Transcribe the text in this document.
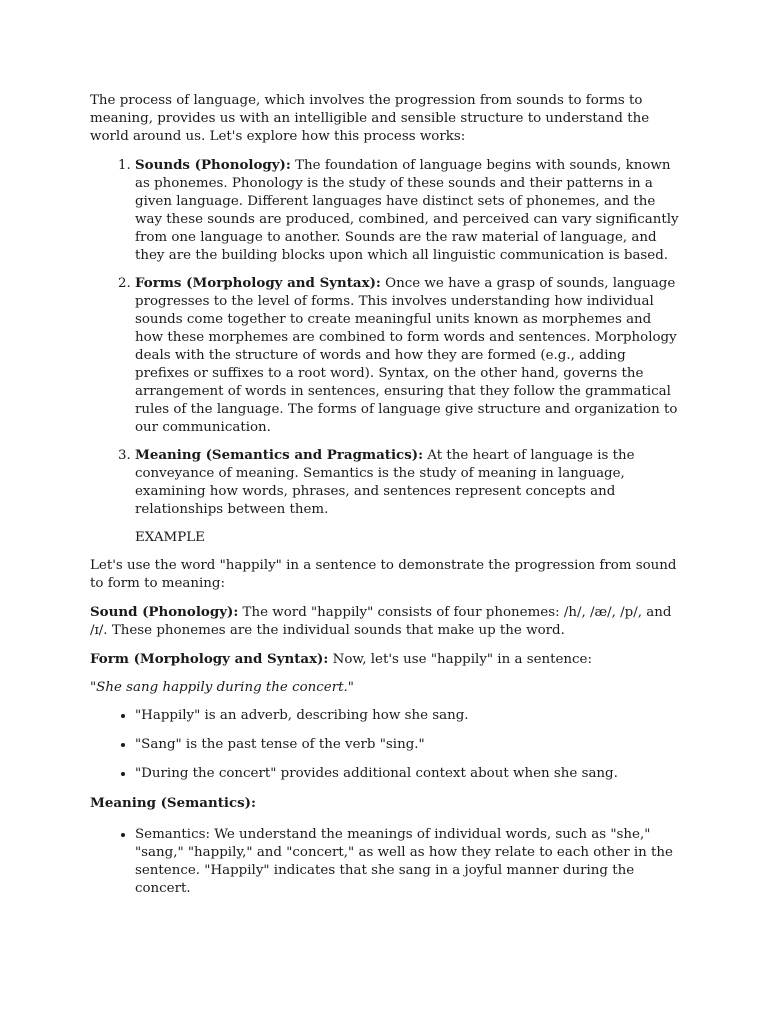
The process of language, which involves the progression from sounds to forms to meaning, provides us with an intelligible and sensible structure to understand the world around us. Let's explore how this process works:

1. Sounds (Phonology): The foundation of language begins with sounds, known as phonemes. Phonology is the study of these sounds and their patterns in a given language. Different languages have distinct sets of phonemes, and the way these sounds are produced, combined, and perceived can vary significantly from one language to another. Sounds are the raw material of language, and they are the building blocks upon which all linguistic communication is based.
2. Forms (Morphology and Syntax): Once we have a grasp of sounds, language progresses to the level of forms. This involves understanding how individual sounds come together to create meaningful units known as morphemes and how these morphemes are combined to form words and sentences. Morphology deals with the structure of words and how they are formed (e.g., adding prefixes or suffixes to a root word). Syntax, on the other hand, governs the arrangement of words in sentences, ensuring that they follow the grammatical rules of the language. The forms of language give structure and organization to our communication.
3. Meaning (Semantics and Pragmatics): At the heart of language is the conveyance of meaning. Semantics is the study of meaning in language, examining how words, phrases, and sentences represent concepts and relationships between them.

EXAMPLE

Let's use the word "happily" in a sentence to demonstrate the progression from sound to form to meaning:

Sound (Phonology): The word "happily" consists of four phonemes: /h/, /æ/, /p/, and /ɪ/. These phonemes are the individual sounds that make up the word.

Form (Morphology and Syntax): Now, let's use "happily" in a sentence:

"She sang happily during the concert."

• "Happily" is an adverb, describing how she sang.
• "Sang" is the past tense of the verb "sing."
• "During the concert" provides additional context about when she sang.

Meaning (Semantics):

• Semantics: We understand the meanings of individual words, such as "she," "sang," "happily," and "concert," as well as how they relate to each other in the sentence. "Happily" indicates that she sang in a joyful manner during the concert.
